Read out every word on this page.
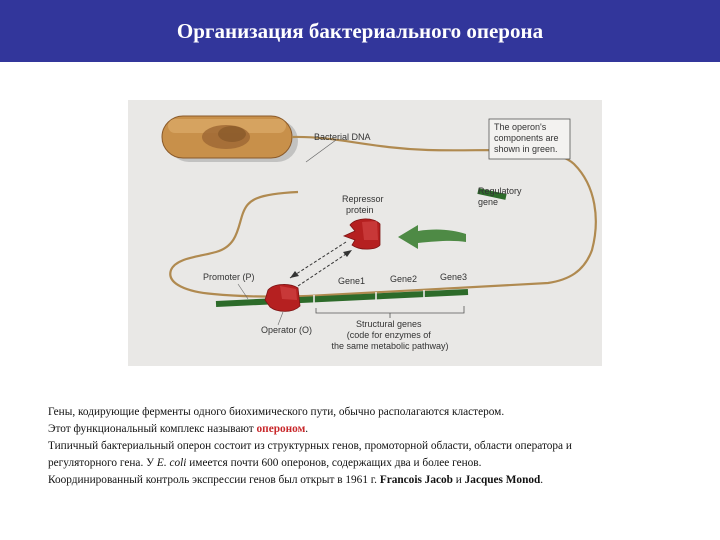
Организация бактериального оперона
Bacterial DNA
The operon's components are shown in green.
Regulatory gene
Repressor protein
Promoter (P)	Gene1	Gene2	Gene3
Operator (O)
Structural genes (code for enzymes of the same metabolic pathway)

Гены, кодирующие ферменты одного биохимического пути, обычно располагаются кластером.

Этот функциональный комплекс называют опероном.

Типичный бактериальный оперон состоит из структурных генов, промоторной области, области оператора и

регуляторного гена. У E. coli имеется почти 600 оперонов, содержащих два и более генов.

Координированный контроль экспрессии генов был открыт в 1961 г. Francois Jacob и Jacques Monod.
